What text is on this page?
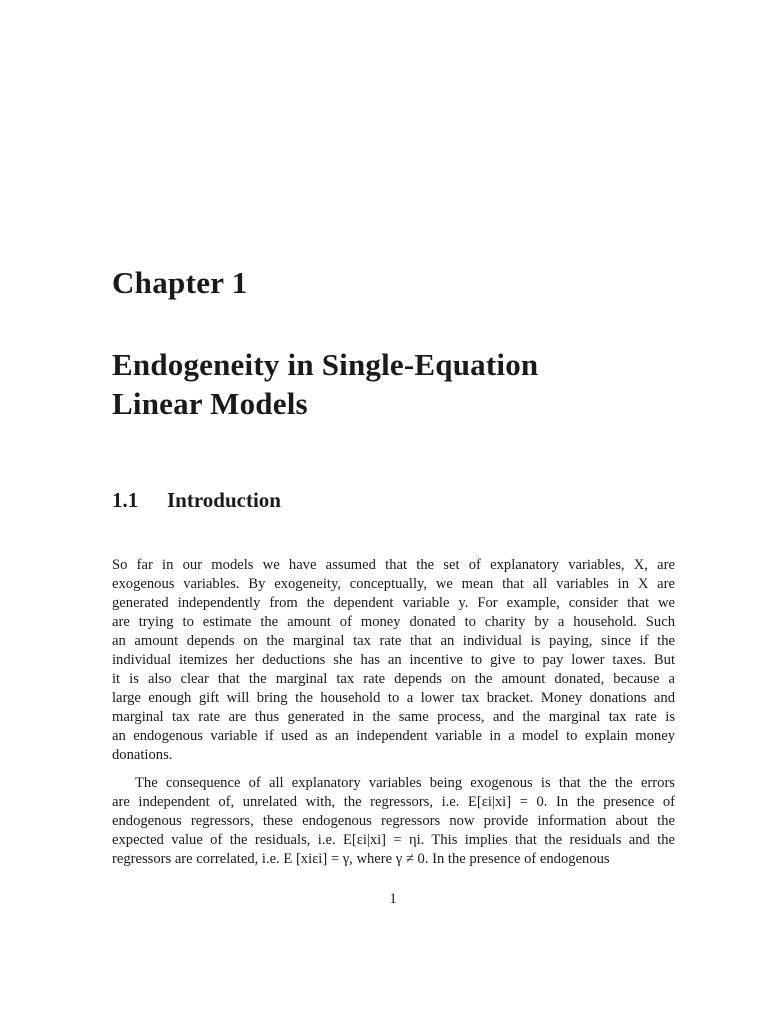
Chapter 1
Endogeneity in Single-Equation
Linear Models
1.1 Introduction

So far in our models we have assumed that the set of explanatory variables, X, are
exogenous variables. By exogeneity, conceptually, we mean that all variables in X are
generated independently from the dependent variable y. For example, consider that we
are trying to estimate the amount of money donated to charity by a household. Such
an amount depends on the marginal tax rate that an individual is paying, since if the
individual itemizes her deductions she has an incentive to give to pay lower taxes. But
it is also clear that the marginal tax rate depends on the amount donated, because a
large enough gift will bring the household to a lower tax bracket. Money donations and
marginal tax rate are thus generated in the same process, and the marginal tax rate is
an endogenous variable if used as an independent variable in a model to explain money
donations.

The consequence of all explanatory variables being exogenous is that the the errors
are independent of, unrelated with, the regressors, i.e. E[εi|xi] = 0. In the presence of
endogenous regressors, these endogenous regressors now provide information about the
expected value of the residuals, i.e. E[εi|xi] = ηi. This implies that the residuals and the
regressors are correlated, i.e. E [xiεi] = γ, where γ ≠ 0. In the presence of endogenous

1
